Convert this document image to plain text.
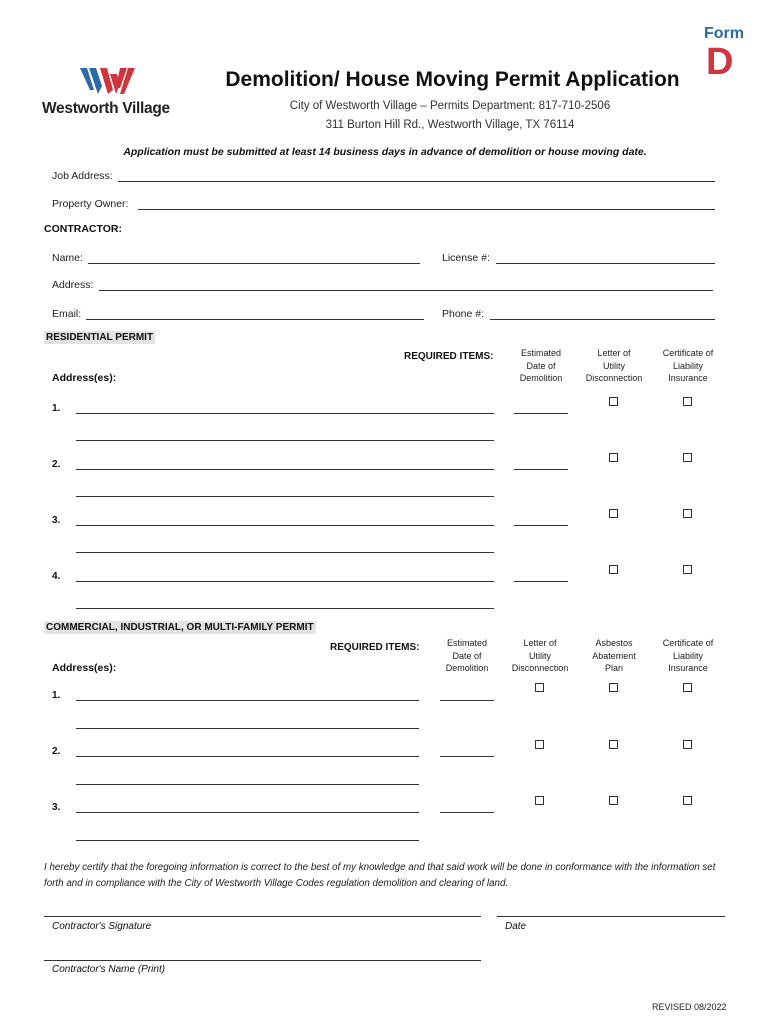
Westworth Village
Form
D
Demolition/ House Moving Permit Application
City of Westworth Village – Permits Department: 817-710-2506
311 Burton Hill Rd., Westworth Village, TX 76114
Application must be submitted at least 14 business days in advance of demolition or house moving date.
Job Address:
Property Owner:
CONTRACTOR:
Name:	License #:
Address:
Email:	Phone #:
RESIDENTIAL PERMIT
REQUIRED ITEMS:
Address(es):
Estimated
Date of
Demolition
Letter of
Utility
Disconnection
Certificate of
Liability
Insurance
1.
2.
3.
4.
COMMERCIAL, INDUSTRIAL, OR MULTI-FAMILY PERMIT
REQUIRED ITEMS:
Address(es):
Estimated
Date of
Demolition
Letter of
Utility
Disconnection
Asbestos
Abatement
Plan
Certificate of
Liability
Insurance
1.
2.
3.
I hereby certify that the foregoing information is correct to the best of my knowledge and that said work will be done in conformance with the information set forth and in compliance with the City of Westworth Village Codes regulation demolition and clearing of land.
Contractor's Signature	Date
Contractor's Name (Print)
REVISED 08/2022
